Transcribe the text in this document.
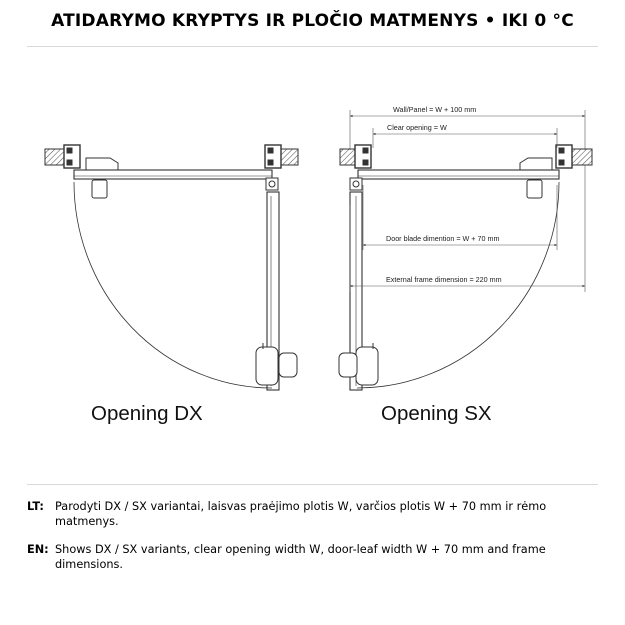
ATIDARYMO KRYPTYS IR PLOČIO MATMENYS • IKI 0 °C
Wall/Panel = W + 100 mm
Clear opening = W
Door blade dimention = W + 70 mm
External frame dimension = 220 mm
Opening DX	Opening SX
LT: Parodyti DX / SX variantai, laisvas praėjimo plotis W, varčios plotis W + 70 mm ir rėmo matmenys.
EN: Shows DX / SX variants, clear opening width W, door-leaf width W + 70 mm and frame dimensions.
